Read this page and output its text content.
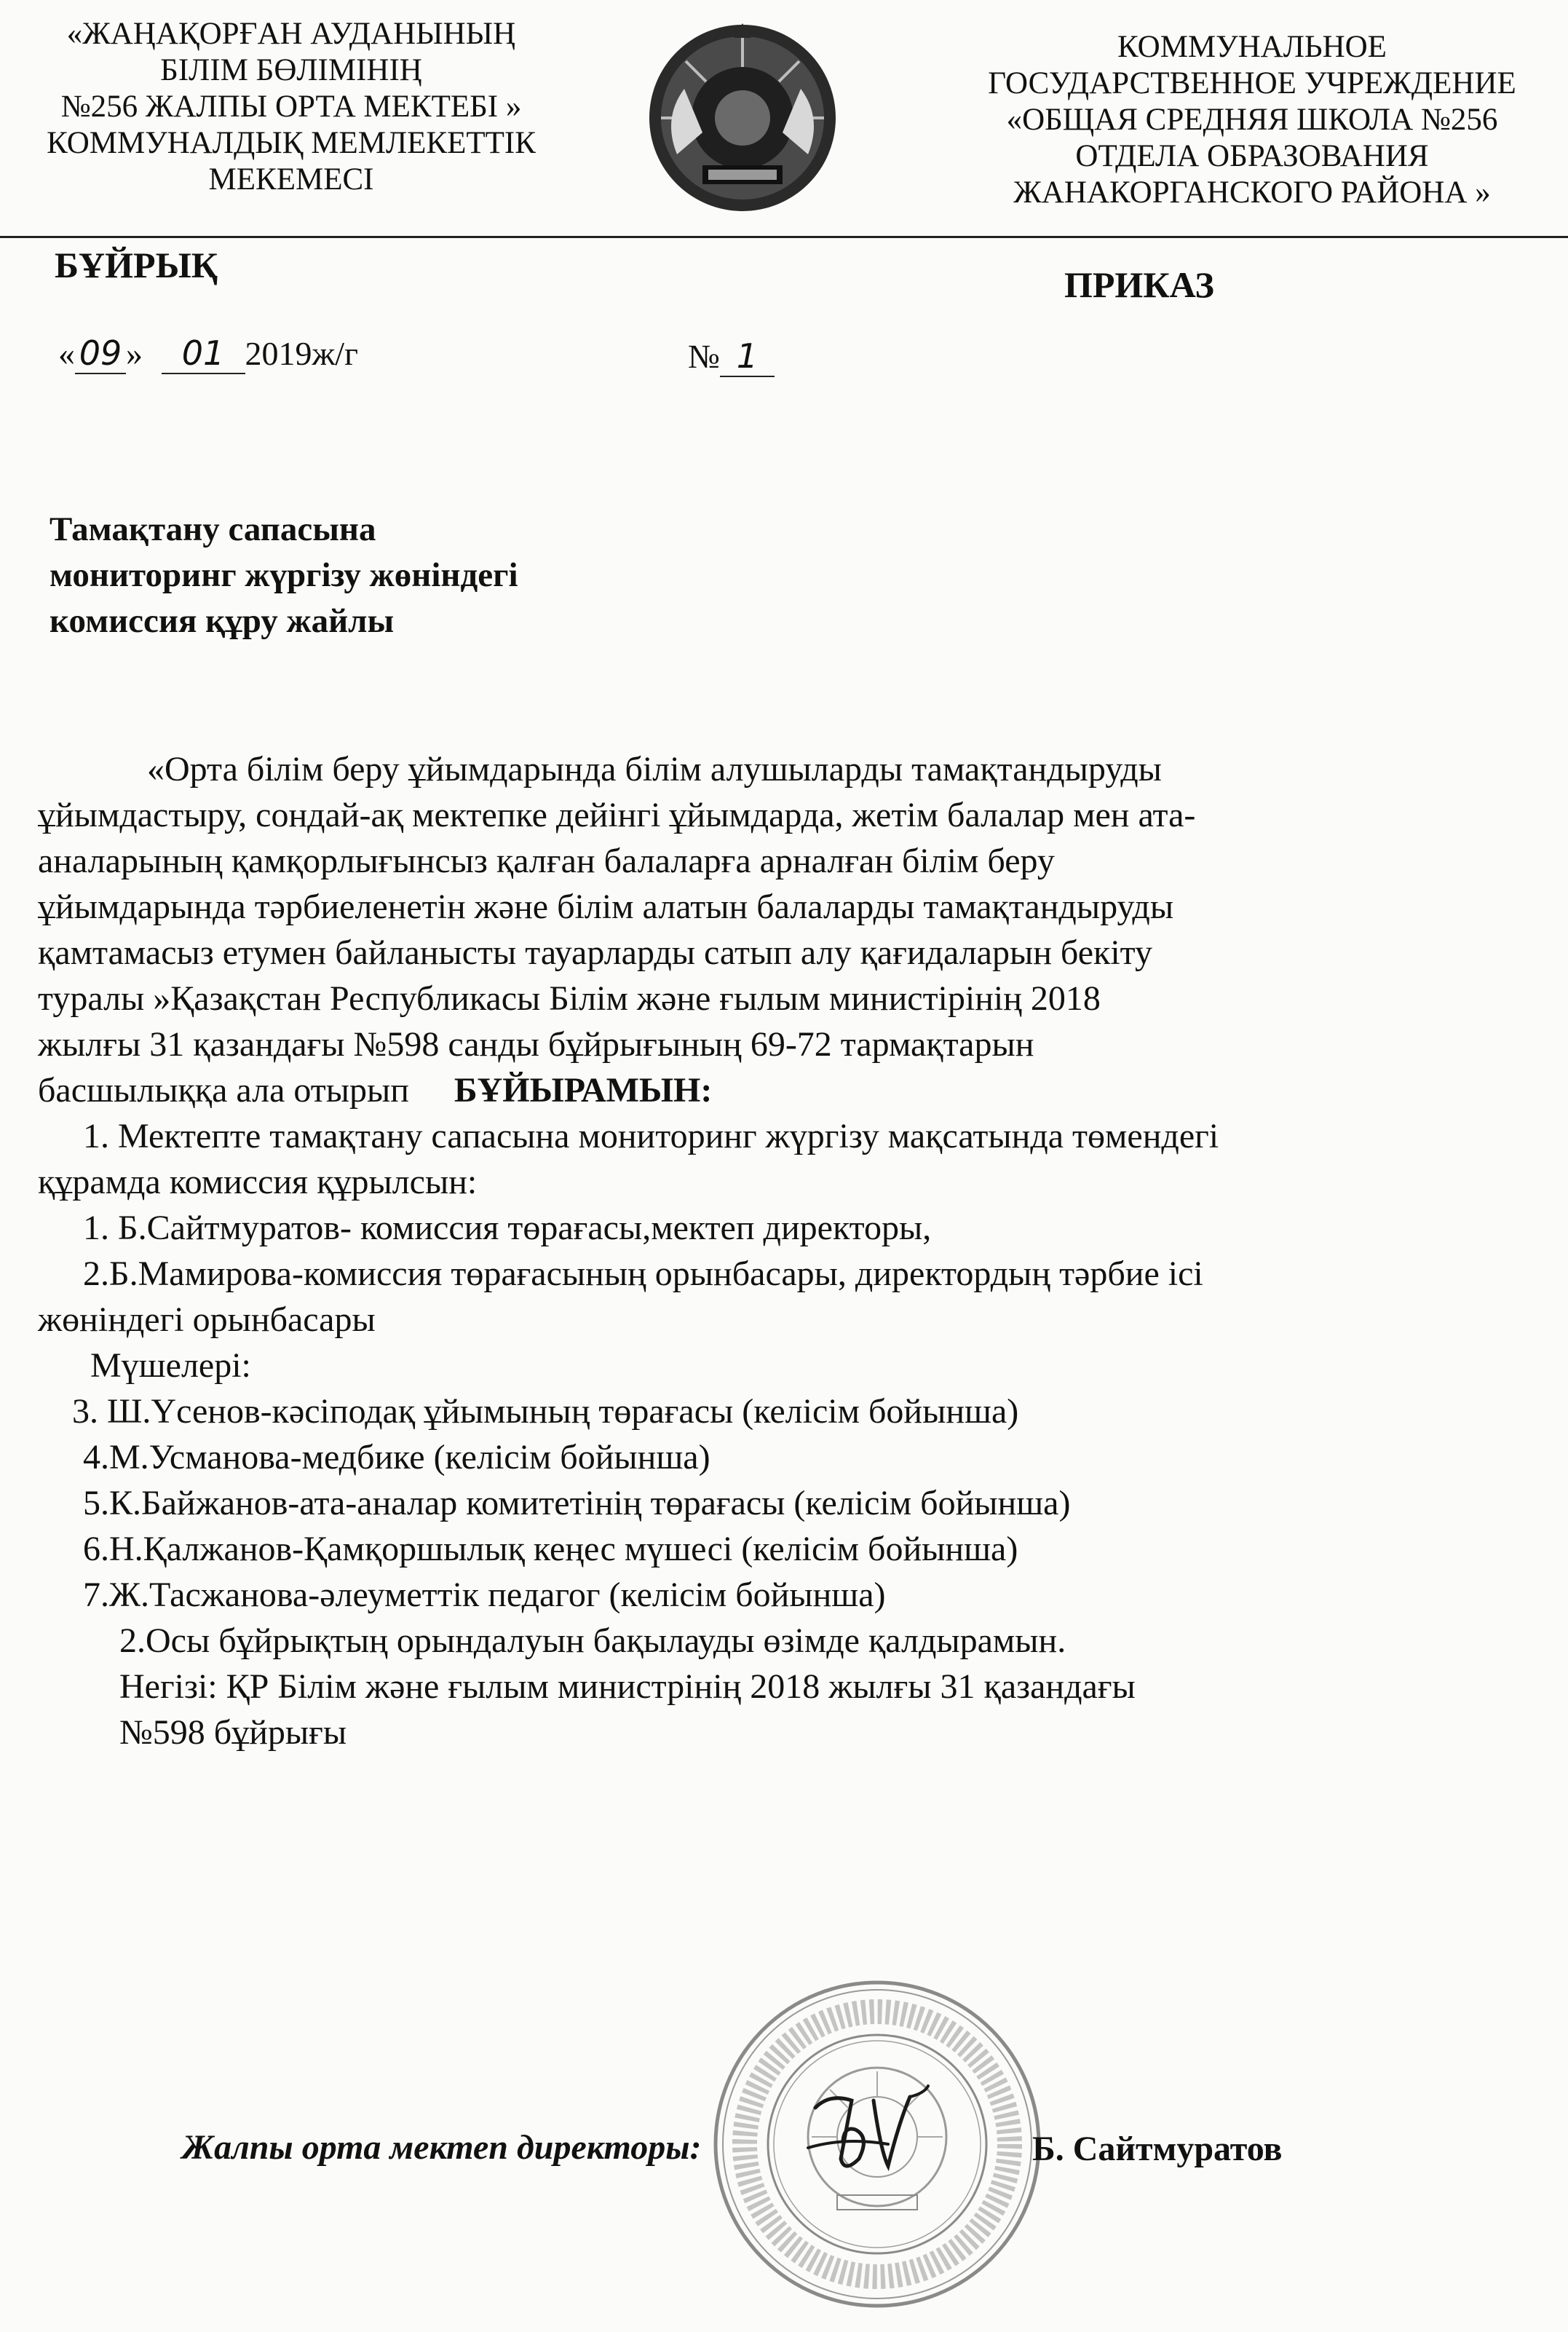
«ЖАҢАҚОРҒАН АУДАНЫНЫҢ
БІЛІМ БӨЛІМІНІҢ
№256 ЖАЛПЫ ОРТА МЕКТЕБІ »
КОММУНАЛДЫҚ МЕМЛЕКЕТТІК
МЕКЕМЕСІ
КОММУНАЛЬНОЕ
ГОСУДАРСТВЕННОЕ УЧРЕЖДЕНИЕ
«ОБЩАЯ СРЕДНЯЯ ШКОЛА №256
ОТДЕЛА ОБРАЗОВАНИЯ
ЖАНАКОРГАНСКОГО РАЙОНА »
БҰЙРЫҚ	ПРИКАЗ
« 09 » 01 2019ж/г	№ 1
Тамақтану сапасына
мониторинг жүргізу жөніндегі
комиссия құру жайлы
«Орта білім беру ұйымдарында білім алушыларды тамақтандыруды
ұйымдастыру, сондай-ақ мектепке дейінгі ұйымдарда, жетім балалар мен ата-
аналарының қамқорлығынсыз қалған балаларға арналған білім беру
ұйымдарында тәрбиеленетін және білім алатын балаларды тамақтандыруды
қамтамасыз етумен байланысты тауарларды сатып алу қағидаларын бекіту
туралы »Қазақстан Республикасы Білім және ғылым министірінің 2018
жылғы 31 қазандағы №598 санды бұйрығының 69-72 тармақтарын
басшылыққа ала отырып БҰЙЫРАМЫН:
1. Мектепте тамақтану сапасына мониторинг жүргізу мақсатында төмендегі
құрамда комиссия құрылсын:
1. Б.Сайтмуратов- комиссия төрағасы,мектеп директоры,
2.Б.Мамирова-комиссия төрағасының орынбасары, директордың тәрбие ісі
жөніндегі орынбасары
Мүшелері:
3. Ш.Үсенов-кәсіподақ ұйымының төрағасы (келісім бойынша)
4.М.Усманова-медбике (келісім бойынша)
5.К.Байжанов-ата-аналар комитетінің төрағасы (келісім бойынша)
6.Н.Қалжанов-Қамқоршылық кеңес мүшесі (келісім бойынша)
7.Ж.Тасжанова-әлеуметтік педагог (келісім бойынша)
2.Осы бұйрықтың орындалуын бақылауды өзімде қалдырамын.
Негізі: ҚР Білім және ғылым министрінің 2018 жылғы 31 қазандағы
№598 бұйрығы
Жалпы орта мектеп директоры:	Б. Сайтмуратов
